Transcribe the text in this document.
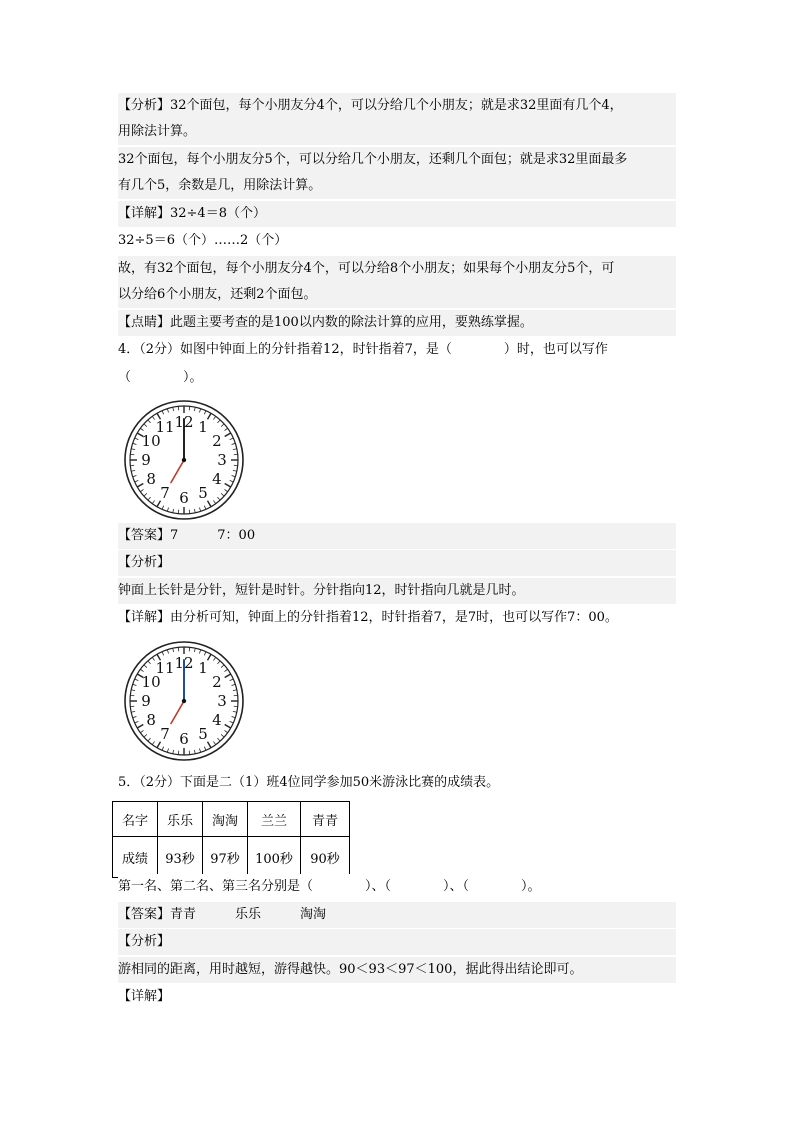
【分析】32个面包，每个小朋友分4个，可以分给几个小朋友；就是求32里面有几个4，
用除法计算。
32个面包，每个小朋友分5个，可以分给几个小朋友，还剩几个面包；就是求32里面最多
有几个5，余数是几，用除法计算。
【详解】32÷4＝8（个）
32÷5＝6（个）……2（个）
故，有32个面包，每个小朋友分4个，可以分给8个小朋友；如果每个小朋友分5个，可
以分给6个小朋友，还剩2个面包。
【点睛】此题主要考查的是100以内数的除法计算的应用，要熟练掌握。
4．（2分）如图中钟面上的分针指着12，时针指着7，是（　　　　）时，也可以写作
（　　　　）。
12 1
2
3
4
5
6
7
8
9
10
11
【答案】7　　　7：00
【分析】
钟面上长针是分针，短针是时针。分针指向12，时针指向几就是几时。
【详解】由分析可知，钟面上的分针指着12，时针指着7，是7时，也可以写作7：00。
12 1
2
3
4
5
6
7
8
9
10
11
5．（2分）下面是二（1）班4位同学参加50米游泳比赛的成绩表。
名字	乐乐	淘淘	兰兰	青青
成绩	93秒	97秒	100秒	90秒
第一名、第二名、第三名分别是（　　　　）、（　　　　）、（　　　　）。
【答案】青青　　　乐乐　　　淘淘
【分析】
游相同的距离，用时越短，游得越快。90＜93＜97＜100，据此得出结论即可。
【详解】
